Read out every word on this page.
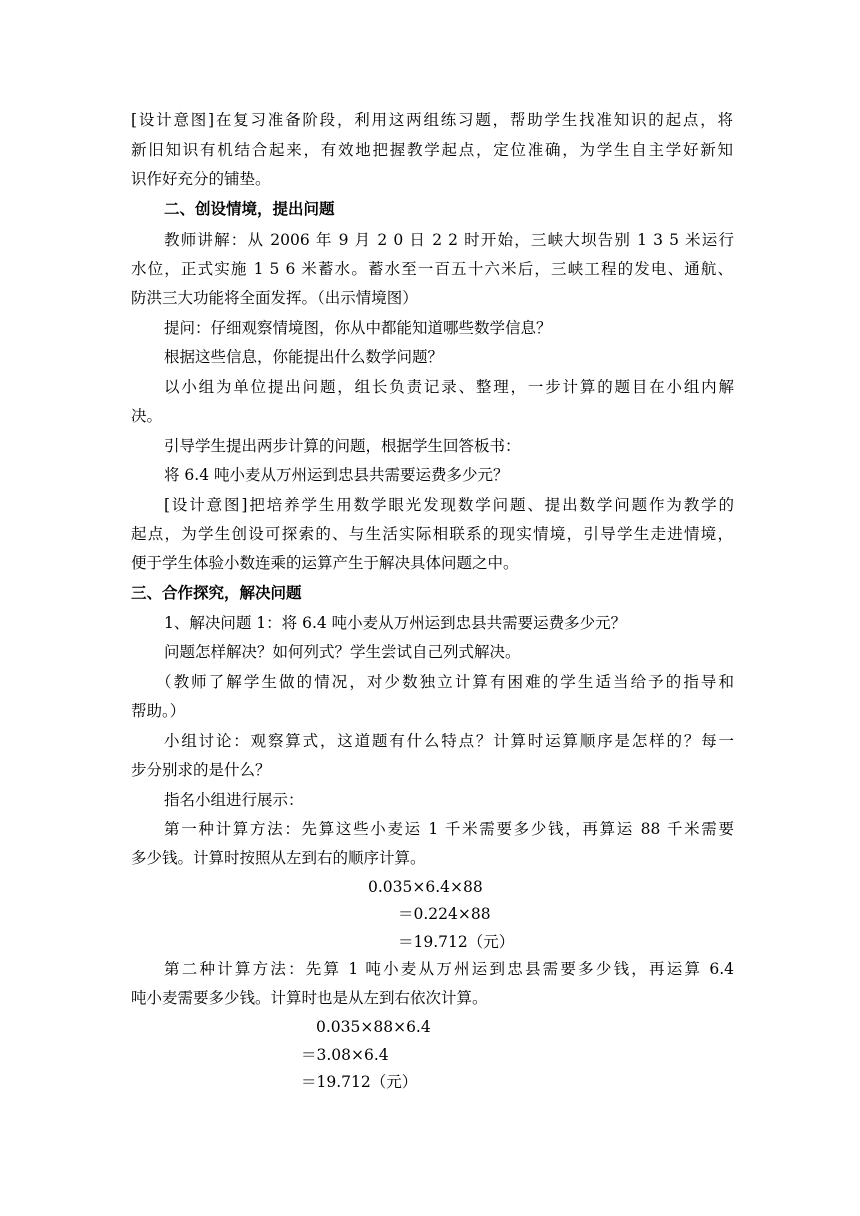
[设计意图]在复习准备阶段，利用这两组练习题，帮助学生找准知识的起点，将
新旧知识有机结合起来，有效地把握教学起点，定位准确，为学生自主学好新知
识作好充分的铺垫。
二、创设情境，提出问题
教师讲解：从 2006 年 9 月 2 0 日 2 2 时开始，三峡大坝告别 1 3 5 米运行
水位，正式实施 1 5 6 米蓄水。蓄水至一百五十六米后，三峡工程的发电、通航、
防洪三大功能将全面发挥。（出示情境图）
提问：仔细观察情境图，你从中都能知道哪些数学信息？
根据这些信息，你能提出什么数学问题？
以小组为单位提出问题，组长负责记录、整理，一步计算的题目在小组内解
决。
引导学生提出两步计算的问题，根据学生回答板书：
将 6.4 吨小麦从万州运到忠县共需要运费多少元？
[设计意图]把培养学生用数学眼光发现数学问题、提出数学问题作为教学的
起点，为学生创设可探索的、与生活实际相联系的现实情境，引导学生走进情境，
便于学生体验小数连乘的运算产生于解决具体问题之中。
三、合作探究，解决问题
1、解决问题 1：将 6.4 吨小麦从万州运到忠县共需要运费多少元？
问题怎样解决？如何列式？学生尝试自己列式解决。
（教师了解学生做的情况，对少数独立计算有困难的学生适当给予的指导和
帮助。）
小组讨论：观察算式，这道题有什么特点？计算时运算顺序是怎样的？每一
步分别求的是什么？
指名小组进行展示：
第一种计算方法：先算这些小麦运 1 千米需要多少钱，再算运 88 千米需要
多少钱。计算时按照从左到右的顺序计算。
0.035×6.4×88
＝0.224×88
＝19.712（元）
第二种计算方法：先算 1 吨小麦从万州运到忠县需要多少钱，再运算 6.4
吨小麦需要多少钱。计算时也是从左到右依次计算。
0.035×88×6.4
＝3.08×6.4
＝19.712（元）
